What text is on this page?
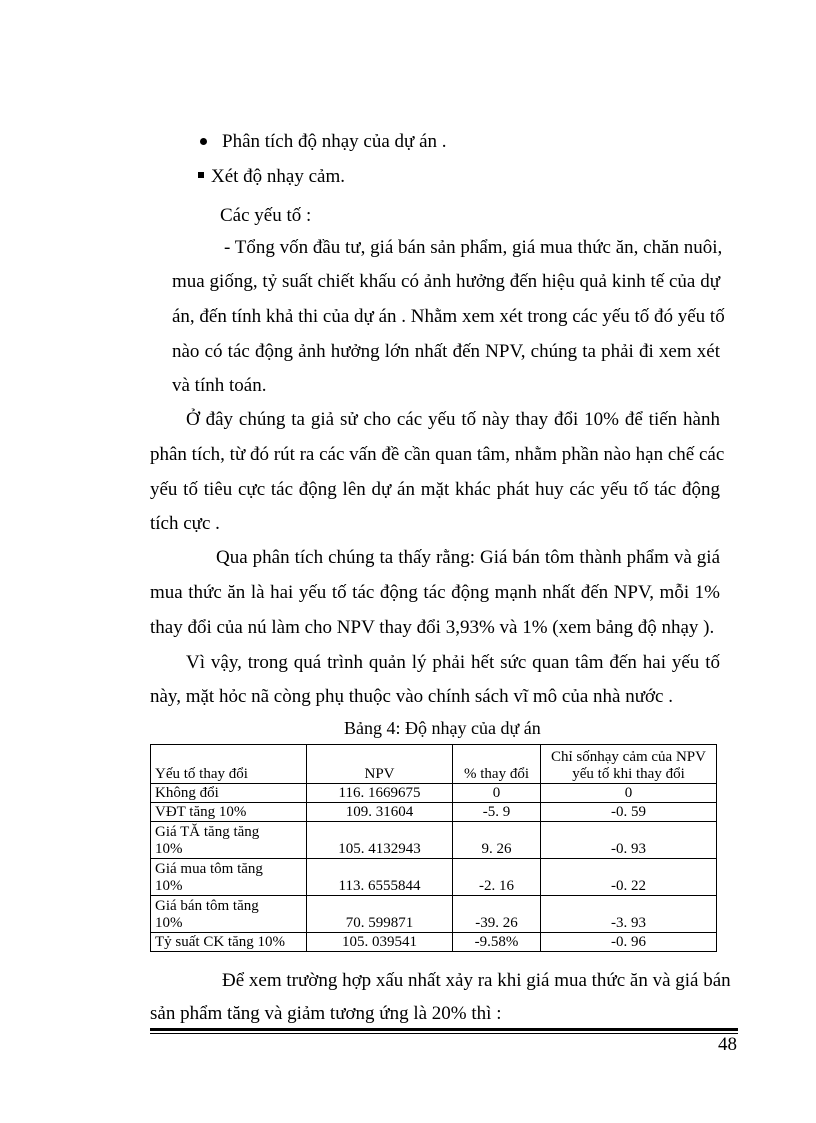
Phân tích độ nhạy của dự án .
Xét độ nhạy cảm.
Các yếu tố :
- Tổng vốn đầu tư, giá bán sản phẩm, giá mua thức ăn, chăn nuôi,
mua giống, tỷ suất chiết khấu có ảnh hưởng đến hiệu quả kinh tế của dự
án, đến tính khả thi của dự án . Nhằm xem xét trong các yếu tố đó yếu tố
nào có tác động ảnh hưởng lớn nhất đến NPV, chúng ta phải đi xem xét
và tính toán.
Ở đây chúng ta giả sử cho các yếu tố này thay đổi 10% để tiến hành
phân tích, từ đó rút ra các vấn đề cần quan tâm, nhằm phần nào hạn chế các
yếu tố tiêu cực tác động lên dự án mặt khác phát huy các yếu tố tác động
tích cực .
Qua phân tích chúng ta thấy rằng: Giá bán tôm thành phẩm và giá
mua thức ăn là hai yếu tố tác động tác động mạnh nhất đến NPV, mỗi 1%
thay đổi của nú làm cho NPV thay đổi 3,93% và 1% (xem bảng độ nhạy ).
Vì vậy, trong quá trình quản lý phải hết sức quan tâm đến hai yếu tố
này, mặt hỏc nã còng phụ thuộc vào chính sách vĩ mô của nhà nước .
Bảng 4: Độ nhạy của dự án
Yếu tố thay đổi	NPV	% thay đổi	Chỉ sốnhạy cảm của NPV yếu tố khi thay đổi
Không đổi	116. 1669675	0	0
VĐT tăng 10%	109. 31604	-5. 9	-0. 59
Giá TĂ tăng tăng
10%	105. 4132943	9. 26	-0. 93
Giá mua tôm tăng
10%	113. 6555844	-2. 16	-0. 22
Giá bán tôm tăng
10%	70. 599871	-39. 26	-3. 93
Tỷ suất CK tăng 10%	105. 039541	-9.58%	-0. 96
Để xem trường hợp xấu nhất xảy ra khi giá mua thức ăn và giá bán
sản phẩm tăng và giảm tương ứng là 20% thì :
48
